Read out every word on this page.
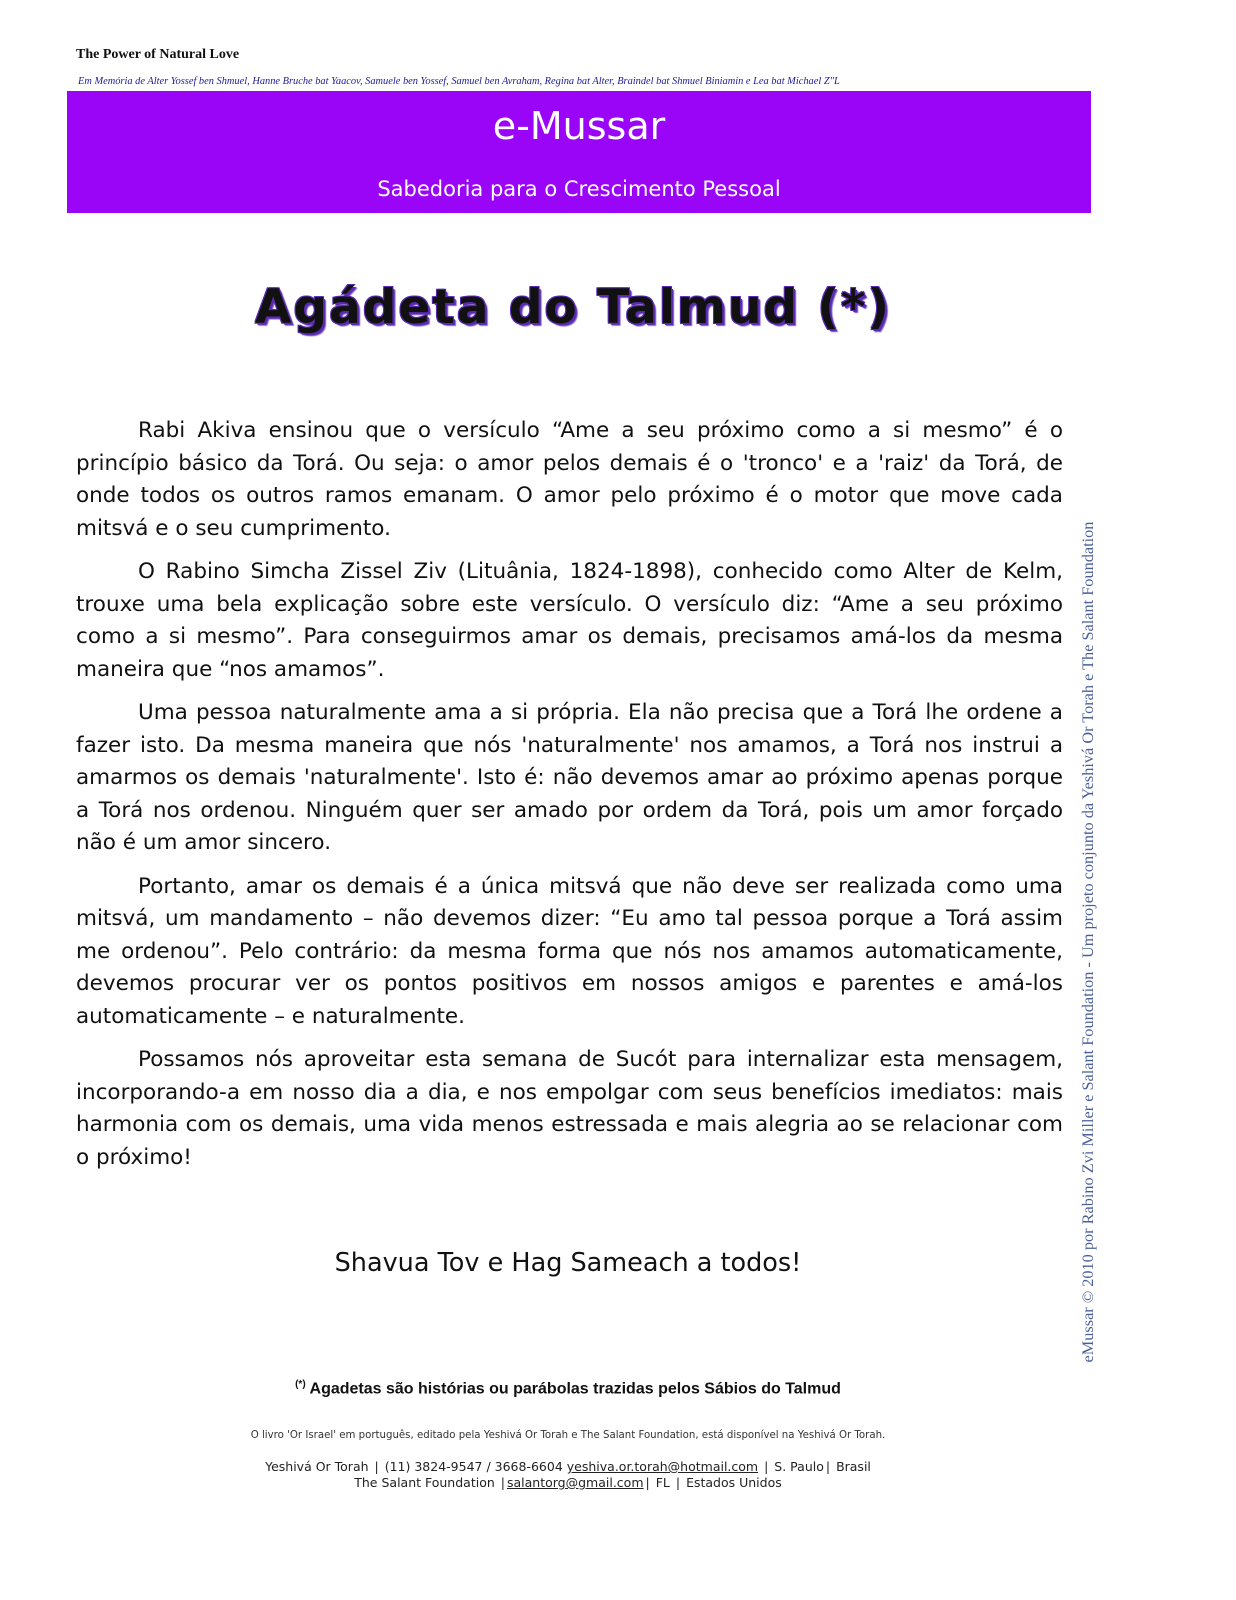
The Power of Natural Love
Em Memória de Alter Yossef ben Shmuel, Hanne Bruche bat Yaacov, Samuele ben Yossef, Samuel ben Avraham, Regina bat Alter, Braindel bat Shmuel Biniamin e Lea bat Michael Z"L
e-Mussar
Sabedoria para o Crescimento Pessoal
Agádeta do Talmud (*)

Rabi Akiva ensinou que o versículo “Ame a seu próximo como a si mesmo” é o princípio básico da Torá. Ou seja: o amor pelos demais é o 'tronco' e a 'raiz' da Torá, de onde todos os outros ramos emanam. O amor pelo próximo é o motor que move cada mitsvá e o seu cumprimento.

O Rabino Simcha Zissel Ziv (Lituânia, 1824-1898), conhecido como Alter de Kelm, trouxe uma bela explicação sobre este versículo. O versículo diz: “Ame a seu próximo como a si mesmo”. Para conseguirmos amar os demais, precisamos amá-los da mesma maneira que “nos amamos”.

Uma pessoa naturalmente ama a si própria. Ela não precisa que a Torá lhe ordene a fazer isto. Da mesma maneira que nós 'naturalmente' nos amamos, a Torá nos instrui a amarmos os demais 'naturalmente'. Isto é: não devemos amar ao próximo apenas porque a Torá nos ordenou. Ninguém quer ser amado por ordem da Torá, pois um amor forçado não é um amor sincero.

Portanto, amar os demais é a única mitsvá que não deve ser realizada como uma mitsvá, um mandamento – não devemos dizer: “Eu amo tal pessoa porque a Torá assim me ordenou”. Pelo contrário: da mesma forma que nós nos amamos automaticamente, devemos procurar ver os pontos positivos em nossos amigos e parentes e amá-los automaticamente – e naturalmente.

Possamos nós aproveitar esta semana de Sucót para internalizar esta mensagem, incorporando-a em nosso dia a dia, e nos empolgar com seus benefícios imediatos: mais harmonia com os demais, uma vida menos estressada e mais alegria ao se relacionar com o próximo!

Shavua Tov e Hag Sameach a todos!
(*) Agadetas são histórias ou parábolas trazidas pelos Sábios do Talmud
O livro 'Or Israel' em português, editado pela Yeshivá Or Torah e The Salant Foundation, está disponível na Yeshivá Or Torah.
Yeshivá Or Torah | (11) 3824-9547 / 3668-6604 yeshiva.or.torah@hotmail.com | S. Paulo | Brasil
The Salant Foundation | salantorg@gmail.com | FL | Estados Unidos
eMussar © 2010 por Rabino Zvi Miller e Salant Foundation - Um projeto conjunto da Yeshivá Or Torah e The Salant Foundation
